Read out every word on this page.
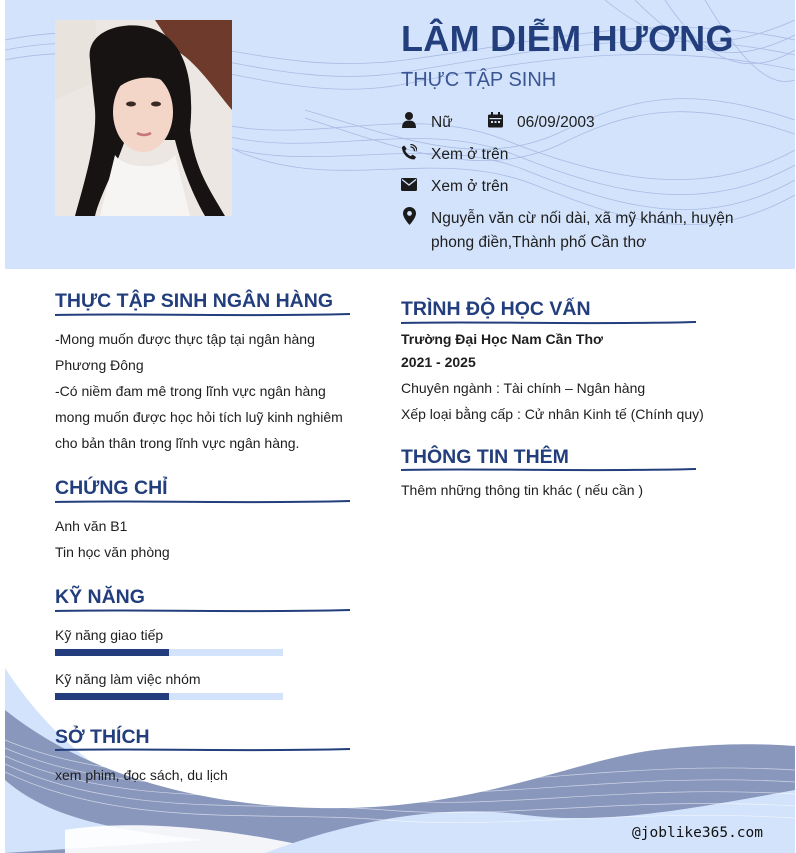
LÂM DIỄM HƯƠNG
THỰC TẬP SINH
Nữ	06/09/2003
Xem ở trên
Xem ở trên
Nguyễn văn cừ nối dài, xã mỹ khánh, huyện phong điền,Thành phố Cần thơ
THỰC TẬP SINH NGÂN HÀNG
-Mong muốn được thực tập tại ngân hàng
Phương Đông
-Có niềm đam mê trong lĩnh vực ngân hàng
mong muốn được học hỏi tích luỹ kinh nghiêm
cho bản thân trong lĩnh vực ngân hàng.
CHỨNG CHỈ
Anh văn B1
Tin học văn phòng
KỸ NĂNG
Kỹ năng giao tiếp
Kỹ năng làm việc nhóm
SỞ THÍCH
xem phim, đọc sách, du lịch
TRÌNH ĐỘ HỌC VẤN
Trường Đại Học Nam Cần Thơ
2021 - 2025
Chuyên ngành : Tài chính – Ngân hàng
Xếp loại bằng cấp : Cử nhân Kinh tế (Chính quy)
THÔNG TIN THÊM
Thêm những thông tin khác ( nếu cần )
@joblike365.com
